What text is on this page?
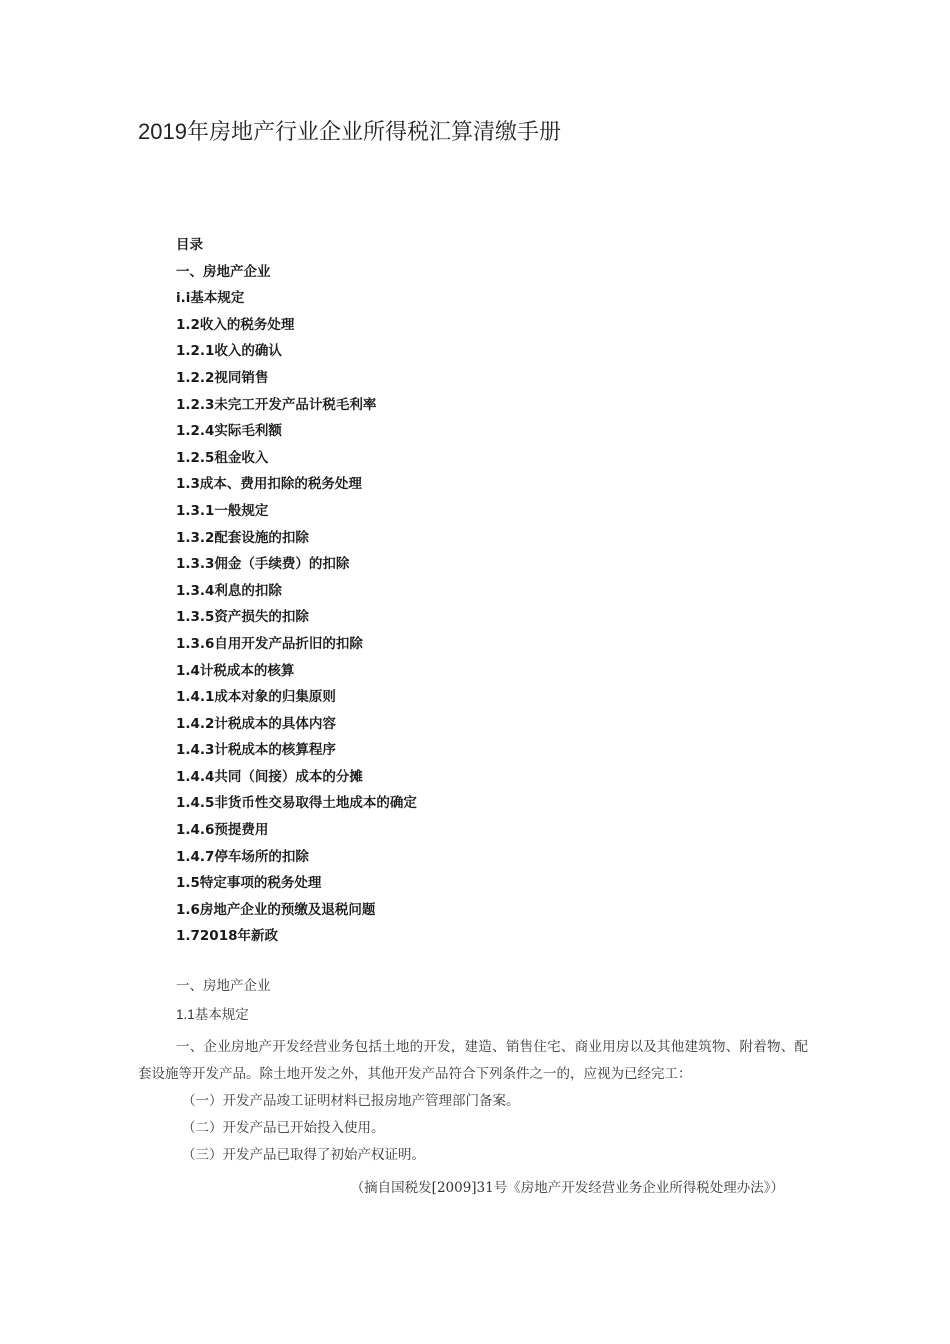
2019年房地产行业企业所得税汇算清缴手册
目录
一、房地产企业
i.i基本规定
1.2收入的税务处理
1.2.1收入的确认
1.2.2视同销售
1.2.3未完工开发产品计税毛利率
1.2.4实际毛利额
1.2.5租金收入
1.3成本、费用扣除的税务处理
1.3.1一般规定
1.3.2配套设施的扣除
1.3.3佣金（手续费）的扣除
1.3.4利息的扣除
1.3.5资产损失的扣除
1.3.6自用开发产品折旧的扣除
1.4计税成本的核算
1.4.1成本对象的归集原则
1.4.2计税成本的具体内容
1.4.3计税成本的核算程序
1.4.4共同（间接）成本的分摊
1.4.5非货币性交易取得土地成本的确定
1.4.6预提费用
1.4.7停车场所的扣除
1.5特定事项的税务处理
1.6房地产企业的预缴及退税问题
1.72018年新政
一、房地产企业
1.1基本规定

一、企业房地产开发经营业务包括土地的开发，建造、销售住宅、商业用房以及其他建筑物、附着物、配套设施等开发产品。除土地开发之外，其他开发产品符合下列条件之一的，应视为已经完工：

（一）开发产品竣工证明材料已报房地产管理部门备案。

（二）开发产品已开始投入使用。

（三）开发产品已取得了初始产权证明。

（摘自国税发[2009]31号《房地产开发经营业务企业所得税处理办法》）
